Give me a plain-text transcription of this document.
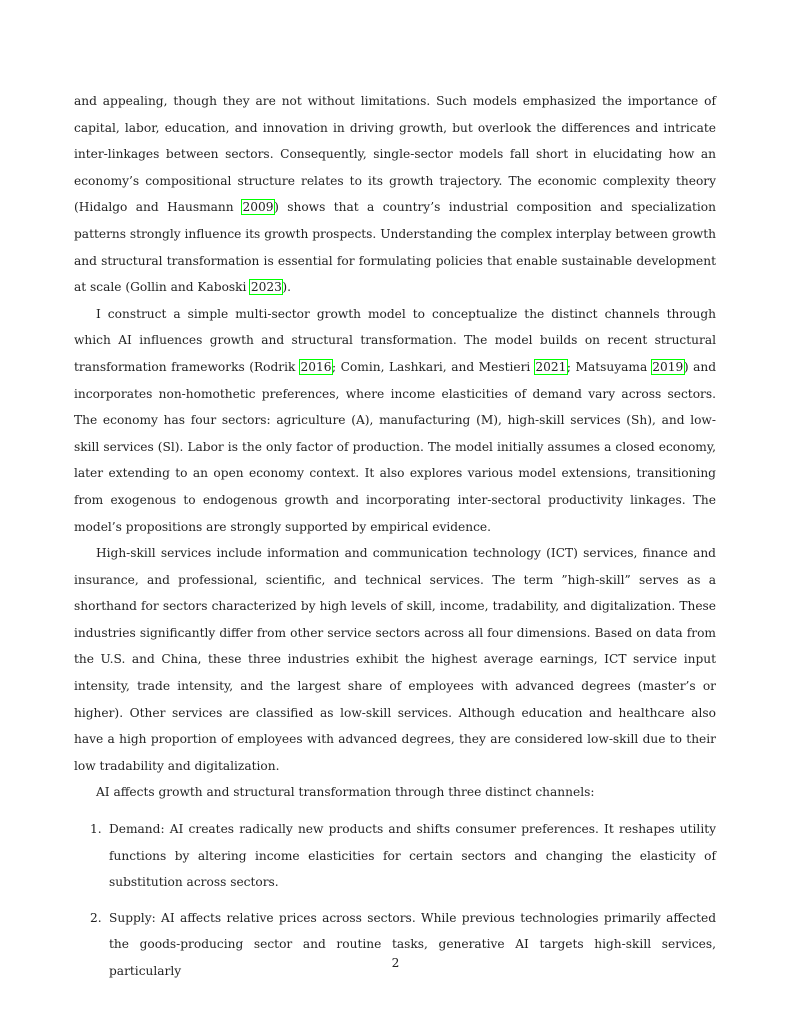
and appealing, though they are not without limitations. Such models emphasized the importance of capital, labor, education, and innovation in driving growth, but overlook the differences and intricate inter-linkages between sectors. Consequently, single-sector models fall short in elucidating how an economy’s compositional structure relates to its growth trajectory. The economic complexity theory (Hidalgo and Hausmann 2009) shows that a country’s industrial composition and specialization patterns strongly influence its growth prospects. Understanding the complex interplay between growth and structural transformation is essential for formulating policies that enable sustainable development at scale (Gollin and Kaboski 2023).

I construct a simple multi-sector growth model to conceptualize the distinct channels through which AI influences growth and structural transformation. The model builds on recent structural transformation frameworks (Rodrik 2016; Comin, Lashkari, and Mestieri 2021; Matsuyama 2019) and incorporates non-homothetic preferences, where income elasticities of demand vary across sectors. The economy has four sectors: agriculture (A), manufacturing (M), high-skill services (Sh), and low-skill services (Sl). Labor is the only factor of production. The model initially assumes a closed economy, later extending to an open economy context. It also explores various model extensions, transitioning from exogenous to endogenous growth and incorporating inter-sectoral productivity linkages. The model’s propositions are strongly supported by empirical evidence.

High-skill services include information and communication technology (ICT) services, finance and insurance, and professional, scientific, and technical services. The term ”high-skill” serves as a shorthand for sectors characterized by high levels of skill, income, tradability, and digitalization. These industries significantly differ from other service sectors across all four dimensions. Based on data from the U.S. and China, these three industries exhibit the highest average earnings, ICT service input intensity, trade intensity, and the largest share of employees with advanced degrees (master’s or higher). Other services are classified as low-skill services. Although education and healthcare also have a high proportion of employees with advanced degrees, they are considered low-skill due to their low tradability and digitalization.

AI affects growth and structural transformation through three distinct channels:

1. Demand: AI creates radically new products and shifts consumer preferences. It reshapes utility functions by altering income elasticities for certain sectors and changing the elasticity of substitution across sectors.
2. Supply: AI affects relative prices across sectors. While previous technologies primarily affected the goods-producing sector and routine tasks, generative AI targets high-skill services, particularly
2
